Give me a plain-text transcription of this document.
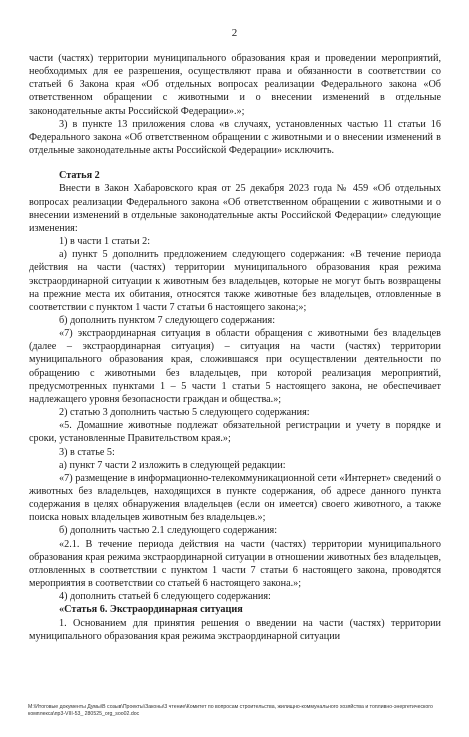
2

части (частях) территории муниципального образования края и проведении мероприятий, необходимых для ее разрешения, осуществляют права и обязанности в соответствии со статьей 6 Закона края «Об отдельных вопросах реализации Федерального закона «Об ответственном обращении с животными и о внесении изменений в отдельные законодательные акты Российской Федерации».»;

3) в пункте 13 приложения слова «в случаях, установленных частью 11 статьи 16 Федерального закона «Об ответственном обращении с животными и о внесении изменений в отдельные законодательные акты Российской Федерации» исключить.

Статья 2

Внести в Закон Хабаровского края от 25 декабря 2023 года № 459 «Об отдельных вопросах реализации Федерального закона «Об ответственном обращении с животными и о внесении изменений в отдельные законодательные акты Российской Федерации» следующие изменения:

1) в части 1 статьи 2:

а) пункт 5 дополнить предложением следующего содержания: «В течение периода действия на части (частях) территории муниципального образования края режима экстраординарной ситуации к животным без владельцев, которые не могут быть возвращены на прежние места их обитания, относятся также животные без владельцев, отловленные в соответствии с пунктом 1 части 7 статьи 6 настоящего закона;»;

б) дополнить пунктом 7 следующего содержания:

«7) экстраординарная ситуация в области обращения с животными без владельцев (далее – экстраординарная ситуация) – ситуация на части (частях) территории муниципального образования края, сложившаяся при осуществлении деятельности по обращению с животными без владельцев, при которой реализация мероприятий, предусмотренных пунктами 1 – 5 части 1 статьи 5 настоящего закона, не обеспечивает надлежащего уровня безопасности граждан и общества.»;

2) статью 3 дополнить частью 5 следующего содержания:

«5. Домашние животные подлежат обязательной регистрации и учету в порядке и сроки, установленные Правительством края.»;

3) в статье 5:

а) пункт 7 части 2 изложить в следующей редакции:

«7) размещение в информационно-телекоммуникационной сети «Интернет» сведений о животных без владельцев, находящихся в пункте содержания, об адресе данного пункта содержания в целях обнаружения владельцев (если он имеется) своего животного, а также поиска новых владельцев животным без владельцев.»;

б) дополнить частью 2.1 следующего содержания:

«2.1. В течение периода действия на части (частях) территории муниципального образования края режима экстраординарной ситуации в отношении животных без владельцев, отловленных в соответствии с пунктом 1 части 7 статьи 6 настоящего закона, проводятся мероприятия в соответствии со статьей 6 настоящего закона.»;

4) дополнить статьей 6 следующего содержания:

«Статья 6. Экстраординарная ситуация

1. Основанием для принятия решения о введении на части (частях) территории муниципального образования края режима экстраординарной ситуации

M:\Итоговые документы Думы\В созыв\Проекты\Законы\3 чтение\Комитет по вопросам строительства, жилищно-коммунального хозяйства и топливно-энергетического комплекса\пр3-VIII-53_ 280525_org_soo02.doc
